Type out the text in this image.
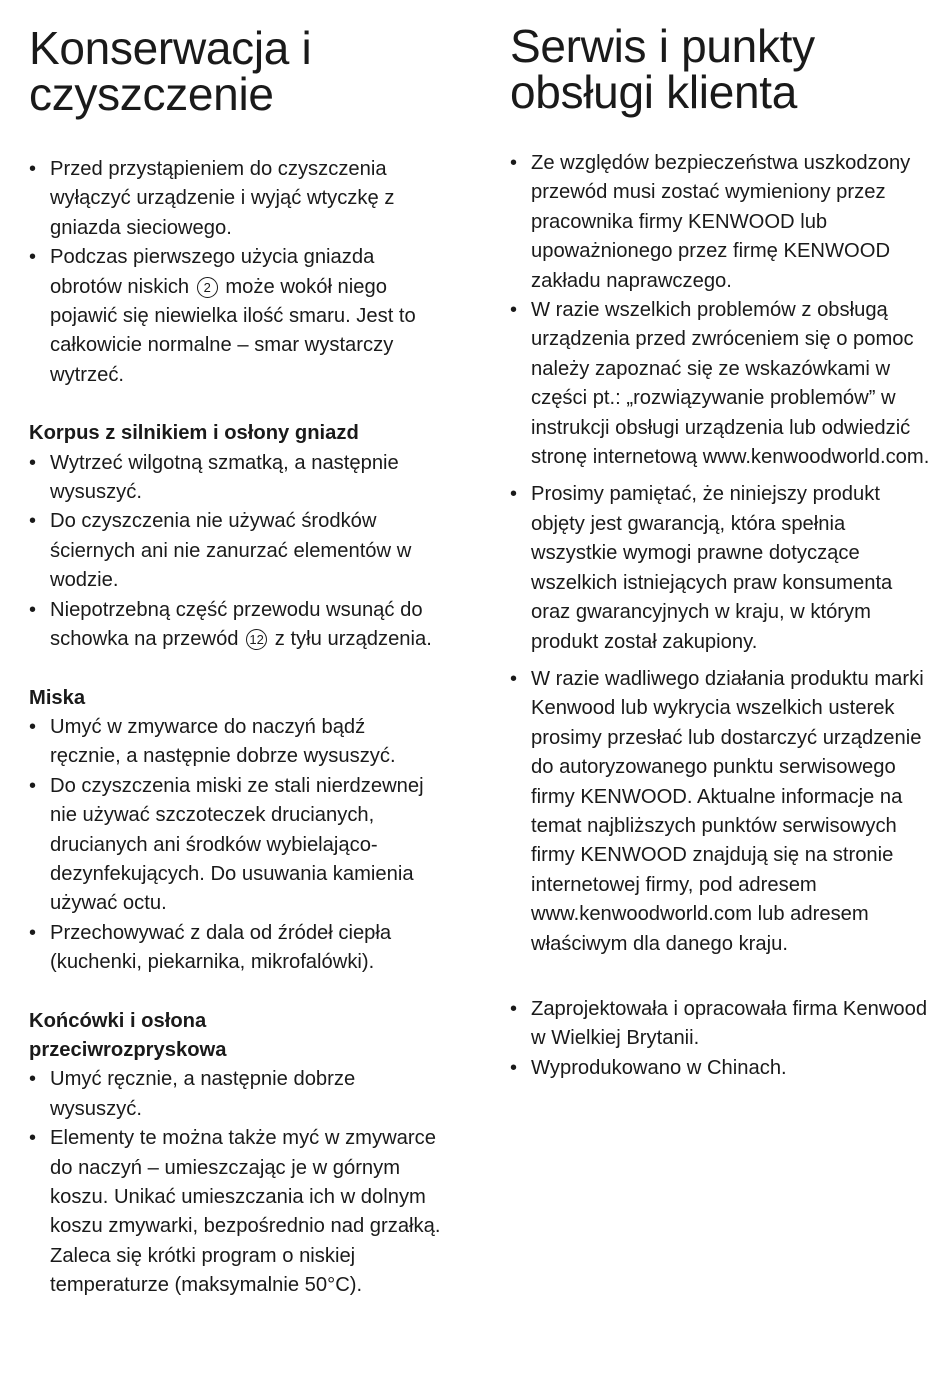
Konserwacja i
czyszczenie
• Przed przystąpieniem do czyszczenia wyłączyć urządzenie i wyjąć wtyczkę z gniazda sieciowego.
• Podczas pierwszego użycia gniazda obrotów niskich 2 może wokół niego pojawić się niewielka ilość smaru. Jest to całkowicie normalne – smar wystarczy wytrzeć.

Korpus z silnikiem i osłony gniazd

• Wytrzeć wilgotną szmatką, a następnie wysuszyć.
• Do czyszczenia nie używać środków ściernych ani nie zanurzać elementów w wodzie.
• Niepotrzebną część przewodu wsunąć do schowka na przewód 12 z tyłu urządzenia.

Miska

• Umyć w zmywarce do naczyń bądź ręcznie, a następnie dobrze wysuszyć.
• Do czyszczenia miski ze stali nierdzewnej nie używać szczoteczek drucianych, drucianych ani środków wybielająco-dezynfekujących. Do usuwania kamienia używać octu.
• Przechowywać z dala od źródeł ciepła (kuchenki, piekarnika, mikrofalówki).

Końcówki i osłona
przeciwrozpryskowa

• Umyć ręcznie, a następnie dobrze wysuszyć.
• Elementy te można także myć w zmywarce do naczyń – umieszczając je w górnym koszu. Unikać umieszczania ich w dolnym koszu zmywarki, bezpośrednio nad grzałką. Zaleca się krótki program o niskiej temperaturze (maksymalnie 50°C).
Serwis i punkty
obsługi klienta
• Ze względów bezpieczeństwa uszkodzony przewód musi zostać wymieniony przez pracownika firmy KENWOOD lub upoważnionego przez firmę KENWOOD zakładu naprawczego.
• W razie wszelkich problemów z obsługą urządzenia przed zwróceniem się o pomoc należy zapoznać się ze wskazówkami w części pt.: „rozwiązywanie problemów” w instrukcji obsługi urządzenia lub odwiedzić stronę internetową www.kenwoodworld.com.
• Prosimy pamiętać, że niniejszy produkt objęty jest gwarancją, która spełnia wszystkie wymogi prawne dotyczące wszelkich istniejących praw konsumenta oraz gwarancyjnych w kraju, w którym produkt został zakupiony.
• W razie wadliwego działania produktu marki Kenwood lub wykrycia wszelkich usterek prosimy przesłać lub dostarczyć urządzenie do autoryzowanego punktu serwisowego firmy KENWOOD. Aktualne informacje na temat najbliższych punktów serwisowych firmy KENWOOD znajdują się na stronie internetowej firmy, pod adresem www.kenwoodworld.com lub adresem właściwym dla danego kraju.
• Zaprojektowała i opracowała firma Kenwood w Wielkiej Brytanii.
• Wyprodukowano w Chinach.
